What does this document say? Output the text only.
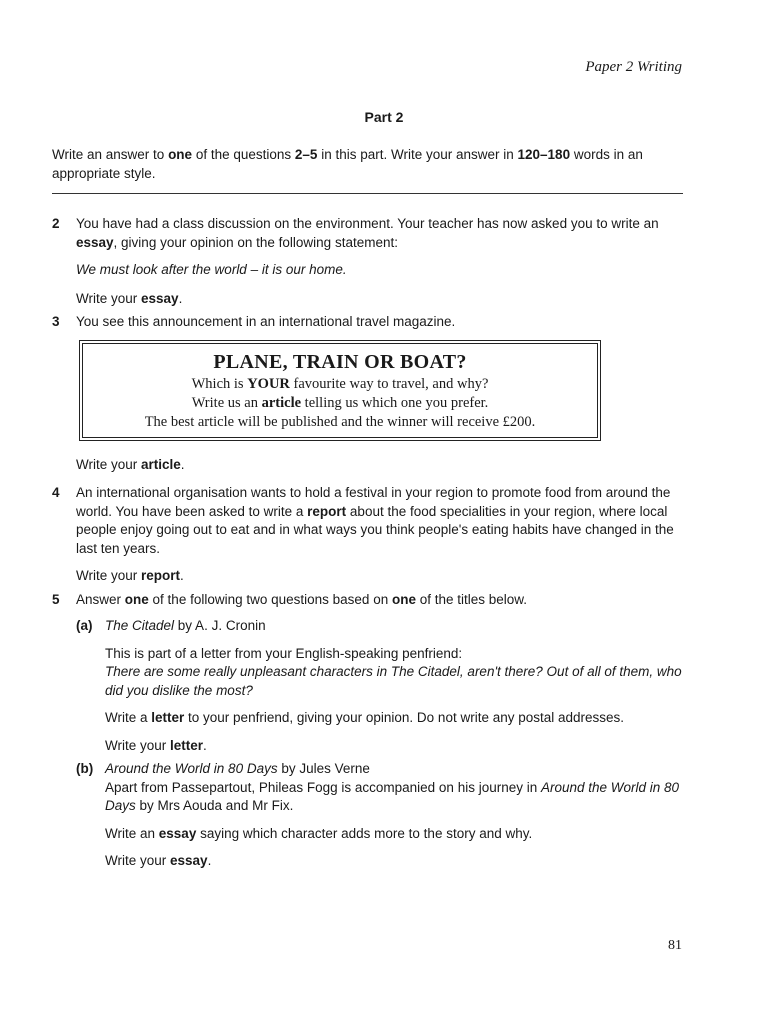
Paper 2 Writing
Part 2
Write an answer to one of the questions 2–5 in this part. Write your answer in 120–180 words in an appropriate style.
2 You have had a class discussion on the environment. Your teacher has now asked you to write an essay, giving your opinion on the following statement:

We must look after the world – it is our home.

Write your essay.

3 You see this announcement in an international travel magazine.

PLANE, TRAIN OR BOAT?
Which is YOUR favourite way to travel, and why?
Write us an article telling us which one you prefer.
The best article will be published and the winner will receive £200.

Write your article.

4 An international organisation wants to hold a festival in your region to promote food from around the world. You have been asked to write a report about the food specialities in your region, where local people enjoy going out to eat and in what ways you think people's eating habits have changed in the last ten years.

Write your report.

5 Answer one of the following two questions based on one of the titles below.

(a) The Citadel by A. J. Cronin

This is part of a letter from your English-speaking penfriend:

There are some really unpleasant characters in The Citadel, aren't there? Out of all of them, who did you dislike the most?

Write a letter to your penfriend, giving your opinion. Do not write any postal addresses.

Write your letter.

(b) Around the World in 80 Days by Jules Verne

Apart from Passepartout, Phileas Fogg is accompanied on his journey in Around the World in 80 Days by Mrs Aouda and Mr Fix.

Write an essay saying which character adds more to the story and why.

Write your essay.

81
